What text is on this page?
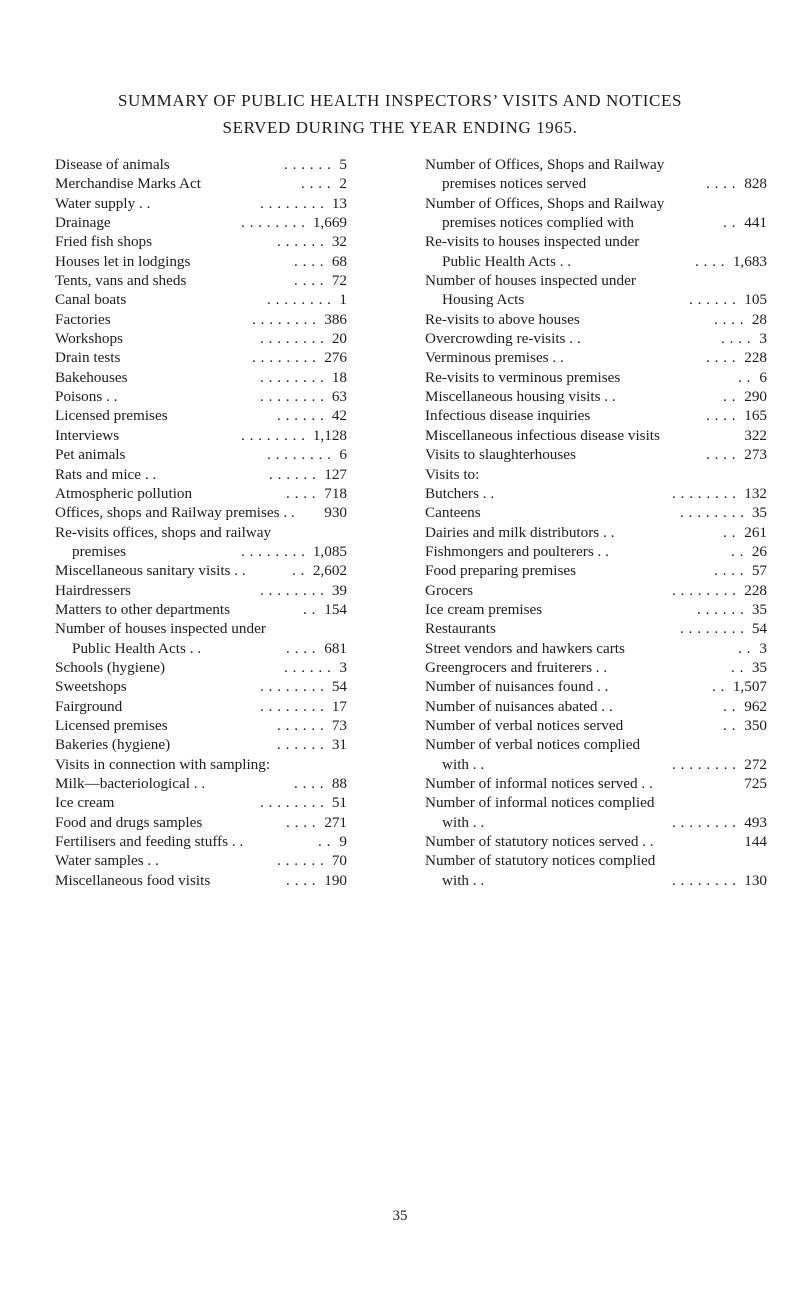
SUMMARY OF PUBLIC HEALTH INSPECTORS’ VISITS AND NOTICES
SERVED DURING THE YEAR ENDING 1965.
Disease of animals	5
. . . . . .
Merchandise Marks Act	2
. . . .
Water supply . .	13
. . . . . . . .
Drainage	1,669
. . . . . . . .
Fried fish shops	32
. . . . . .
Houses let in lodgings	68
. . . .
Tents, vans and sheds	72
. . . .
Canal boats	1
. . . . . . . .
Factories	386
. . . . . . . .
Workshops	20
. . . . . . . .
Drain tests	276
. . . . . . . .
Bakehouses	18
. . . . . . . .
Poisons . .	63
. . . . . . . .
Licensed premises	42
. . . . . .
Interviews	1,128
. . . . . . . .
Pet animals	6
. . . . . . . .
Rats and mice . .	127
. . . . . .
Atmospheric pollution	718
. . . .
Offices, shops and Railway premises . . 930
Re-visits offices, shops and railway
premises	1,085
. . . . . . . .
Miscellaneous sanitary visits . .	2,602
. .
Hairdressers	39
. . . . . . . .
Matters to other departments	154
. .
Number of houses inspected under
Public Health Acts . .	681
. . . .
Schools (hygiene)	3
. . . . . .
Sweetshops	54
. . . . . . . .
Fairground	17
. . . . . . . .
Licensed premises	73
. . . . . .
Bakeries (hygiene)	31
. . . . . .
Visits in connection with sampling:
Milk—bacteriological . .	88
. . . .
Ice cream	51
. . . . . . . .
Food and drugs samples	271
. . . .
Fertilisers and feeding stuffs . .	9
. .
Water samples . .	70
. . . . . .
Miscellaneous food visits	190
. . . .
Number of Offices, Shops and Railway
premises notices served	828
. . . .
Number of Offices, Shops and Railway
premises notices complied with	441
. .
Re-visits to houses inspected under
Public Health Acts . .	1,683
. . . .
Number of houses inspected under
Housing Acts	105
. . . . . .
Re-visits to above houses	28
. . . .
Overcrowding re-visits . .	3
. . . .
Verminous premises . .	228
. . . .
Re-visits to verminous premises	6
. .
Miscellaneous housing visits . .	290
. .
Infectious disease inquiries	165
. . . .
Miscellaneous infectious disease visits	322
Visits to slaughterhouses	273
. . . .
Visits to:
Butchers . .	132
. . . . . . . .
Canteens	35
. . . . . . . .
Dairies and milk distributors . .	261
. .
Fishmongers and poulterers . .	26
. .
Food preparing premises	57
. . . .
Grocers	228
. . . . . . . .
Ice cream premises	35
. . . . . .
Restaurants	54
. . . . . . . .
Street vendors and hawkers carts	3
. .
Greengrocers and fruiterers . .	35
. .
Number of nuisances found . .	1,507
. .
Number of nuisances abated . .	962
. .
Number of verbal notices served	350
. .
Number of verbal notices complied
with . .	272
. . . . . . . .
Number of informal notices served . .	725
Number of informal notices complied
with . .	493
. . . . . . . .
Number of statutory notices served . .	144
Number of statutory notices complied
with . .	130
. . . . . . . .
35
